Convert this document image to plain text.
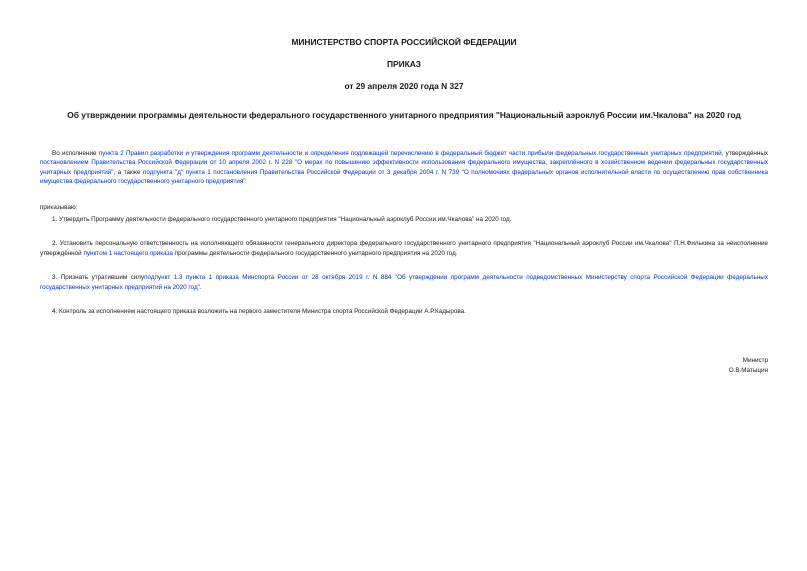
МИНИСТЕРСТВО СПОРТА РОССИЙСКОЙ ФЕДЕРАЦИИ
ПРИКАЗ
от 29 апреля 2020 года N 327
Об утверждении программы деятельности федерального государственного унитарного предприятия "Национальный аэроклуб России им.Чкалова" на 2020 год

Во исполнение пункта 2 Правил разработки и утверждения программ деятельности и определения подлежащей перечислению в федеральный бюджет части прибыли федеральных государственных унитарных предприятий, утверждённых постановлением Правительства Российской Федерации от 10 апреля 2002 г. N 228 "О мерах по повышению эффективности использования федерального имущества, закреплённого в хозяйственном ведении федеральных государственных унитарных предприятий", а также подпункта "д" пункта 1 постановления Правительства Российской Федерации от 3 декабря 2004 г. N 739 "О полномочиях федеральных органов исполнительной власти по осуществлению прав собственника имущества федерального государственного унитарного предприятия"

приказываю:

1. Утвердить Программу деятельности федерального государственного унитарного предприятия "Национальный аэроклуб России им.Чкалова" на 2020 год.

2. Установить персональную ответственность на исполняющего обязанности генерального директора федерального государственного унитарного предприятия "Национальный аэроклуб России им.Чкалова" П.Н.Филькина за неисполнение утверждённой пунктом 1 настоящего приказа программы деятельности федерального государственного унитарного предприятия на 2020 год.

3. Признать утратившим силуподпункт 1.3 пункта 1 приказа Минспорта России от 28 октября 2019 г. N 884 "Об утверждении программ деятельности подведомственных Министерству спорта Российской Федерации федеральных государственных унитарных предприятий на 2020 год".

4. Контроль за исполнением настоящего приказа возложить на первого заместителя Министра спорта Российской Федерации А.Р.Кадырова.

Министр
О.В.Матыцин
